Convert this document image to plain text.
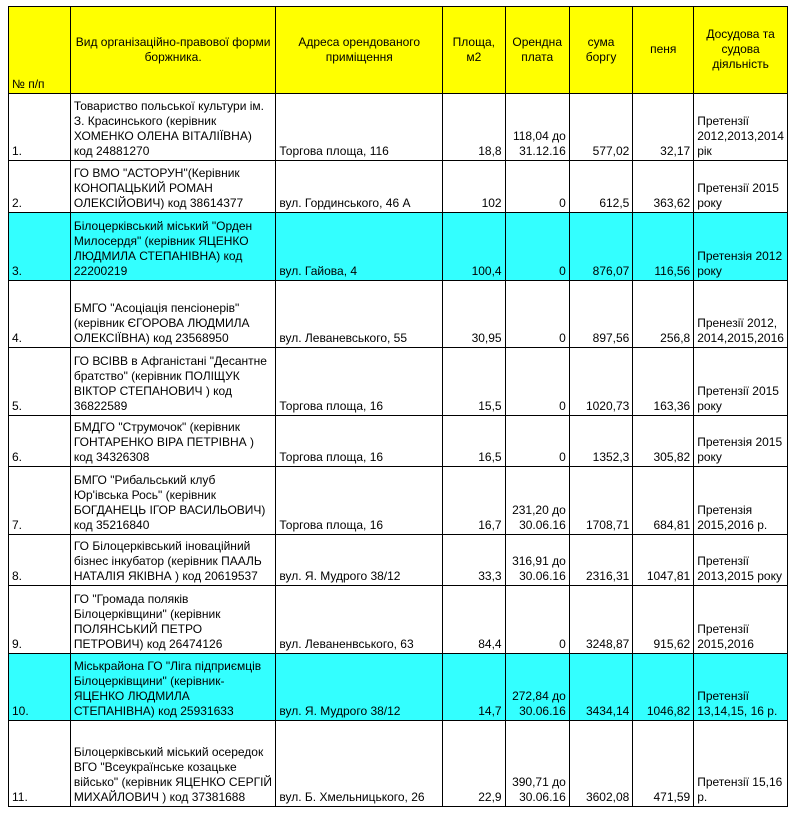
№ п/п	Вид організаційно-правової форми боржника.	Адреса орендованого приміщення	Площа, м2	Орендна плата	сума боргу	пеня	Досудова та судова діяльність
1.	Товариство польської культури ім. З. Красинського (керівник ХОМЕНКО ОЛЕНА ВІТАЛІЇВНА) код 24881270	Торгова площа, 116	18,8	118,04 до 31.12.16	577,02	32,17	Претензії 2012,2013,2014 рік
2.	ГО ВМО "АСТОРУН"(Керівник КОНОПАЦЬКИЙ РОМАН ОЛЕКСІЙОВИЧ) код 38614377	вул. Гординського, 46 А	102	0	612,5	363,62	Претензії 2015 року
3.	Білоцерківський міський "Орден Милосердя" (керівник ЯЦЕНКО ЛЮДМИЛА СТЕПАНІВНА) код 22200219	вул. Гайова, 4	100,4	0	876,07	116,56	Претензія 2012 року
4.	БМГО "Асоціація пенсіонерів" (керівник ЄГОРОВА ЛЮДМИЛА ОЛЕКСІЇВНА) код 23568950	вул. Леваневського, 55	30,95	0	897,56	256,8	Пренезії 2012, 2014,2015,2016
5.	ГО ВСІВВ в Афганістані "Десантне братство" (керівник ПОЛІЩУК ВІКТОР СТЕПАНОВИЧ ) код 36822589	Торгова площа, 16	15,5	0	1020,73	163,36	Претензії 2015 року
6.	БМДГО "Струмочок" (керівник ГОНТАРЕНКО ВІРА ПЕТРІВНА ) код 34326308	Торгова площа, 16	16,5	0	1352,3	305,82	Претензія 2015 року
7.	БМГО "Рибальський клуб Юр'івська Рось" (керівник БОГДАНЕЦЬ ІГОР ВАСИЛЬОВИЧ) код 35216840	Торгова площа, 16	16,7	231,20 до 30.06.16	1708,71	684,81	Претензія 2015,2016 р.
8.	ГО Білоцерківський іноваційний бізнес інкубатор (керівник ПААЛЬ НАТАЛІЯ ЯКІВНА ) код 20619537	вул. Я. Мудрого 38/12	33,3	316,91 до 30.06.16	2316,31	1047,81	Претензії 2013,2015 року
9.	ГО "Громада поляків Білоцерківщини" (керівник ПОЛЯНСЬКИЙ ПЕТРО ПЕТРОВИЧ) код 26474126	вул. Леваненвського, 63	84,4	0	3248,87	915,62	Претензії 2015,2016
10.	Міськрайона ГО "Ліга підприємців Білоцерківщини" (керівник-ЯЦЕНКО ЛЮДМИЛА СТЕПАНІВНА) код 25931633	вул. Я. Мудрого 38/12	14,7	272,84 до 30.06.16	3434,14	1046,82	Претензії 13,14,15, 16 р.
11.	Білоцерківський міський осередок ВГО "Всеукраїнське козацьке військо" (керівник ЯЦЕНКО СЕРГІЙ МИХАЙЛОВИЧ ) код 37381688	вул. Б. Хмельницького, 26	22,9	390,71 до 30.06.16	3602,08	471,59	Претензії 15,16 р.
